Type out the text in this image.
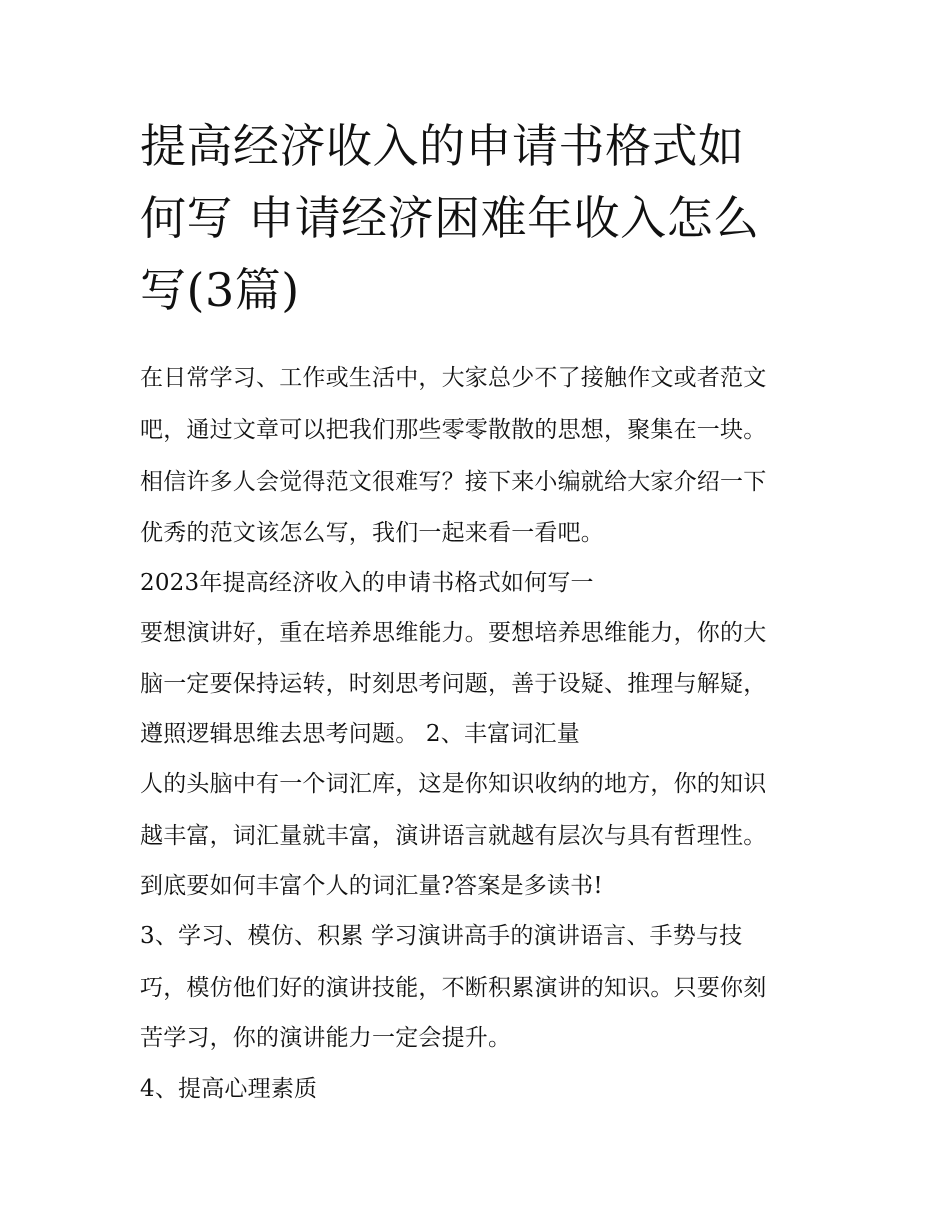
提高经济收入的申请书格式如
何写 申请经济困难年收入怎么
写(3篇)

在日常学习、工作或生活中，大家总少不了接触作文或者范文

吧，通过文章可以把我们那些零零散散的思想，聚集在一块。

相信许多人会觉得范文很难写？接下来小编就给大家介绍一下

优秀的范文该怎么写，我们一起来看一看吧。

2023年提高经济收入的申请书格式如何写一

要想演讲好，重在培养思维能力。要想培养思维能力，你的大

脑一定要保持运转，时刻思考问题，善于设疑、推理与解疑，

遵照逻辑思维去思考问题。 2、丰富词汇量

人的头脑中有一个词汇库，这是你知识收纳的地方，你的知识

越丰富，词汇量就丰富，演讲语言就越有层次与具有哲理性。

到底要如何丰富个人的词汇量?答案是多读书!

3、学习、模仿、积累 学习演讲高手的演讲语言、手势与技

巧，模仿他们好的演讲技能，不断积累演讲的知识。只要你刻

苦学习，你的演讲能力一定会提升。

4、提高心理素质
